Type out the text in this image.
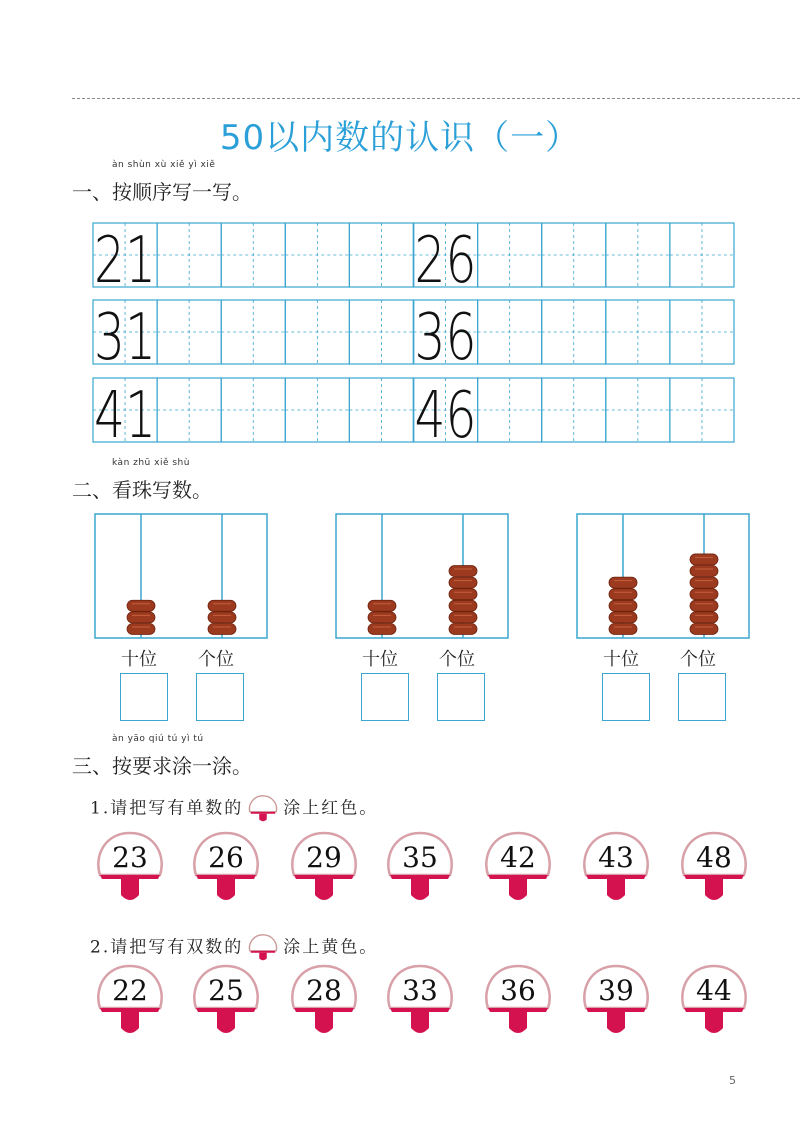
50以内数的认识（一）
一、
àn shùn xù xiě yì xiě
按顺序写一写。
21	26
31	36
41	46
二、
kàn zhū xiě shù
看珠写数。
十位 个位	十位 个位	十位 个位
三、
àn yāo qiú tú yì tú
按要求涂一涂。
1.请把写有单数的 涂上红色。
23 26 29 35 42 43 48
2.请把写有双数的 涂上黄色。
22 25 28 33 36 39 44
5
